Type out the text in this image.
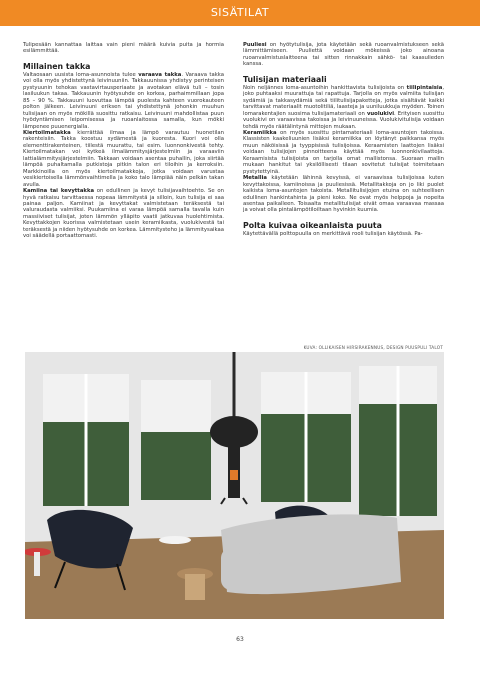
SISÄTILAT

Tulipesään kannattaa laittaa vain pieni määrä kuivia puita ja hormia esilämmittää.

Millainen takka

Valtaosaan uusista loma-asunnoista tulee varaava takka. Varaava takka voi olla myös yhdistettynä leivinuuniin. Takkauunissa yhdistyy perinteisen pystyuunin tehokas vastavirtausperiaate ja avotakan elävä tuli – tosin lasiluukun takaa. Takkauunin hyötysuhde on korkea, parhaimmillaan jopa 85 – 90 %. Takkauuni luovuttaa lämpöä puolesta kahteen vuorokauteen polton jälkeen. Leivinuuni eriksen tai yhdistettynä johonkin muuhun tulisijaan on myös mökillä suosittu ratkaisu. Leivinuuni mahdollistaa puun hyödyntämisen leipomisessa ja ruoanlaitossa samalla, kun mökki lämpenee puuenergialla.

Kiertoilmatakka kierrättää ilmaa ja lämpö varautuu huonetilan rakenteisiin. Takka koostuu sydämestä ja kuoresta. Kuori voi olla elementtirakenteinen, tiilestä muurattu, tai esim. luonnonkivestä tehty. Kiertoilmatakan voi kytkeä ilmalämmitysjärjestelmiin ja varaaviin lattialämmitysjärjestelmiin. Takkaan voidaan asentaa puhallin, joka siirtää lämpöä puhaltamalla putkistoja pitkin talon eri tiloihin ja kerroksiin. Markkinoilla on myös kiertoilmatakkoja, jotka voidaan varustaa vesikiertoisella lämmönvaihtimella ja koko talo lämpiää näin pelkän takan avulla.

Kamiina tai kevyttakka on edullinen ja kevyt tulisijavaihtoehto. Se on hyvä ratkaisu tarvittaessa nopeaa lämmitystä ja silloin, kun tulisija ei saa painaa paljon. Kamiinat ja kevyttakat valmistetaan teräksestä tai valuraudasta valmiiksi. Puukamiina ei varaa lämpöä samalla tavalla kuin massiiviset tulisijat, joten lämmön ylläpito vaatii jatkuvaa huolehtimista. Kevyttakkojen kuorissa valmistetaan usein keramiikasta, vuolukivestä tai teräksestä ja niiden hyötysuhde on korkea. Lämmitysteho ja lämmitysaikaa voi säädellä portaattomasti.

Puuliesi on hyötytulisija, jota käytetään sekä ruoanvalmistukseen sekä lämmittämiseen. Puuliettä voidaan mökeissä joko ainoana ruoanvalmistuslaitteena tai sitten rinnakkain sähkö- tai kaasulieden kanssa.

Tulisijan materiaali

Noin neljännes loma-asuntoihin hankittavista tulisijoista on tiilipintaisia, joko puhtaaksi muurattuja tai rapattuja. Tarjolla on myös valmiita tulisijan sydämiä ja takkasydämiä sekä tiilitulisijapaketteja, jotka sisältävät kaikki tarvittavat materiaalit muotolitiliä, laasteja ja uuniluukkuja myöden. Toinen lomarakentajien suosima tulisijamateriaali on vuolukivi. Erityisen suosittu vuolukivi on varaavissa takoissa ja leivinuuneissa. Vuolukivitulisija voidaan tehdä myös räätälintynä mittojen mukaan.

Keramiikka on myös suosittu pintamateriaali loma-asuntojen takoissa. Klassisten kaakeliuunien lisäksi keramiikka on löytänyt paikkansa myös muun näköisissä ja tyyppisissä tulisijoissa. Keraamisten laattojen lisäksi voidaan tulisijojen pinnoitteena käyttää myös luonnonkivilaattoja. Keraamisista tulisijoista on tarjolla omat mallistonsa. Suoraan mallin mukaan hankitut tai yksilöllisesti tilaan sovitetut tulisijat toimitetaan pystytettyinä.

Metallia käytetään lähinnä kevyissä, ei varaavissa tulisijoissa kuten kevyttakoissa, kamiinoissa ja puuliesissä. Metallitakkoja on jo liki puolet kaikista loma-asuntojen takoista. Metallitulisijojen etuina on suhteellisen edullinen hankintahinta ja pieni koko. Ne ovat myös helppoja ja nopeita asentaa paikalleen. Toisaalta metallitulisijat eivät omaa varaavaa massaa ja voivat olla pintalämpötiloiltaan hyvinkin kuumia.

Polta kuivaa oikeanlaista puuta

Käytettävällä polttopuulla on merkittävä rooli tulisijan käytössä. Pa-

KUVA: OLLIKAISEN HIRSIRAKENNUS, DESIGN PUUSPULI TALOT
63
